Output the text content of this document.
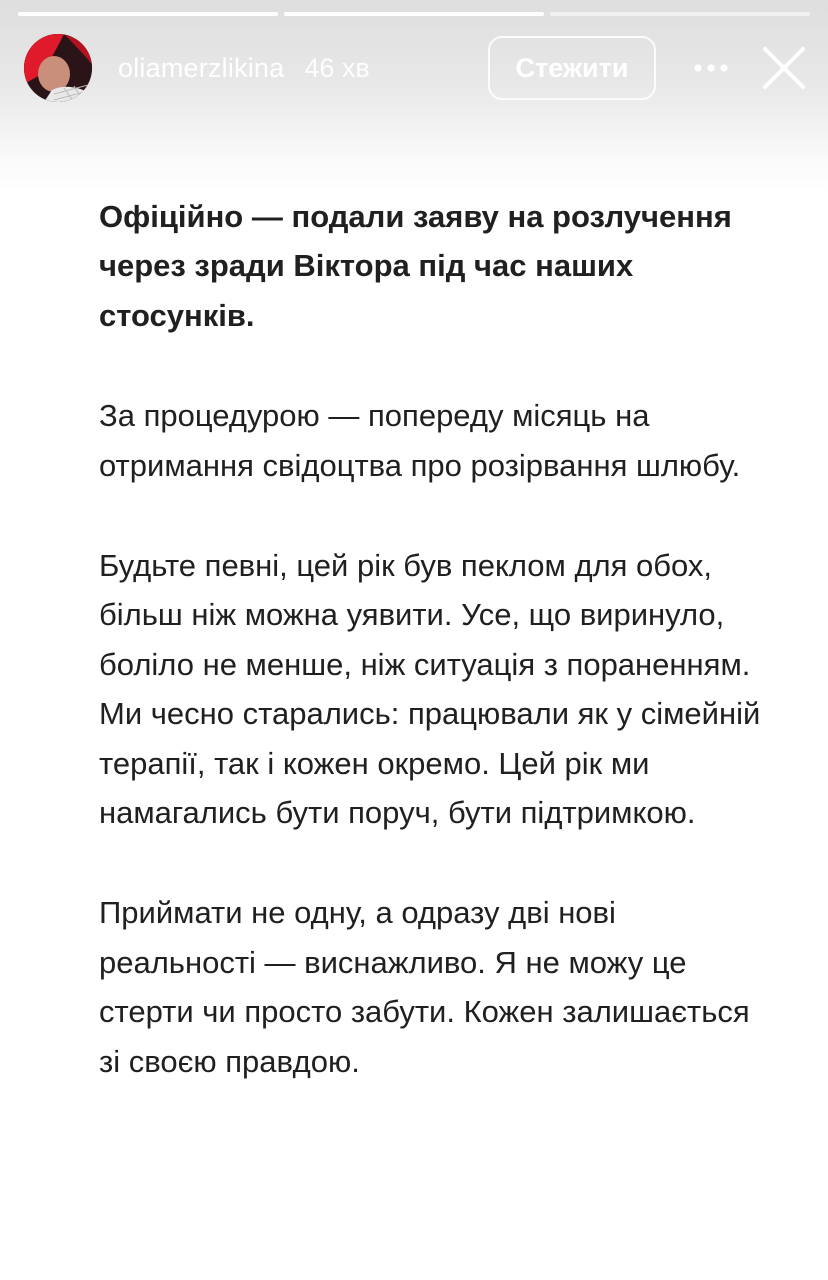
oliamerzlikina 46 хв	Стежити

Офіційно — подали заяву на розлучення через зради Віктора під час наших стосунків.

За процедурою — попереду місяць на отримання свідоцтва про розірвання шлюбу.

Будьте певні, цей рік був пеклом для обох, більш ніж можна уявити. Усе, що виринуло, боліло не менше, ніж ситуація з пораненням. Ми чесно старались: працювали як у сімейній терапії, так і кожен окремо. Цей рік ми намагались бути поруч, бути підтримкою.

Приймати не одну, а одразу дві нові реальності — виснажливо. Я не можу це стерти чи просто забути. Кожен залишається зі своєю правдою.
